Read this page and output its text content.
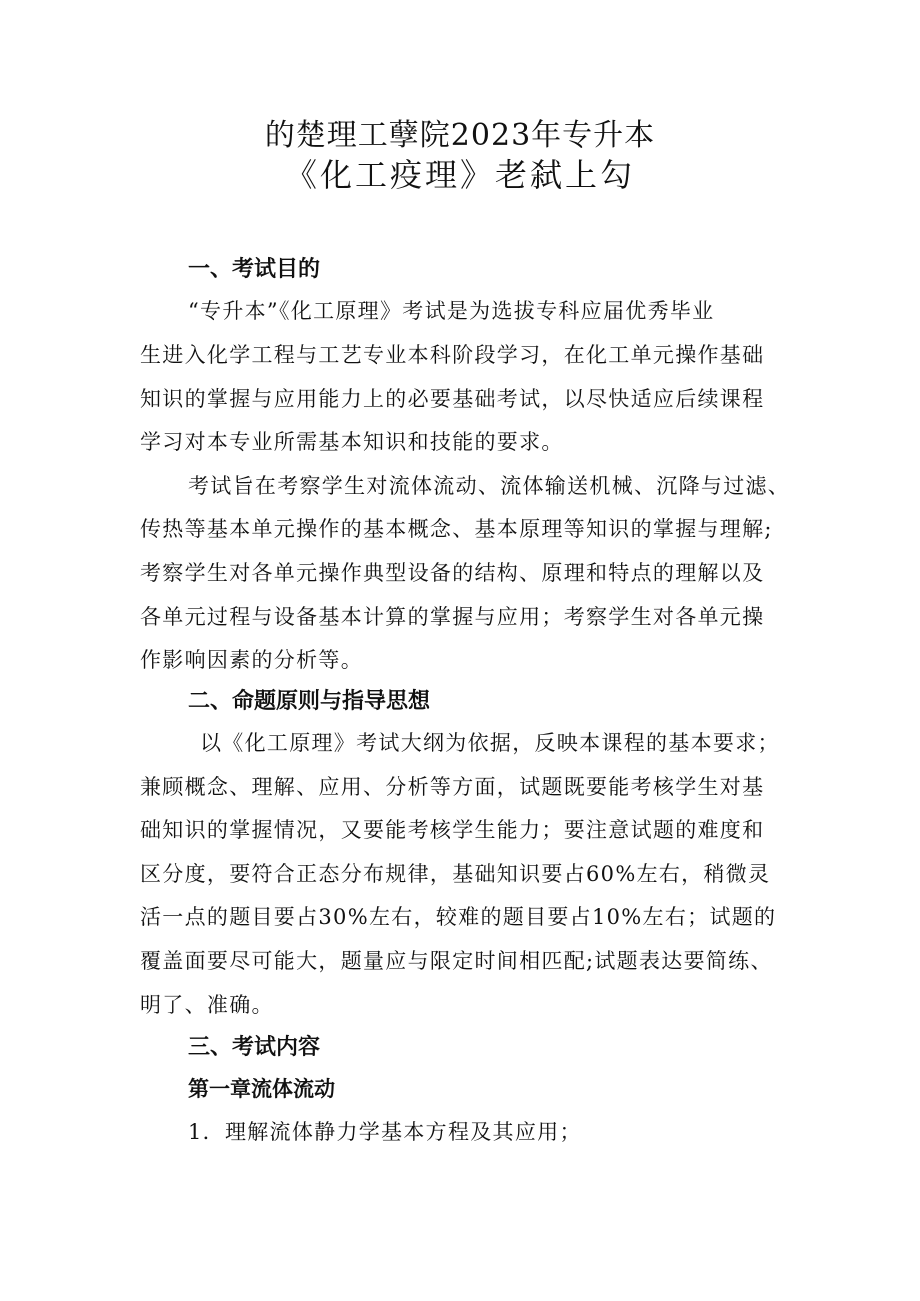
的楚理工孽院2023年专升本
《化工疫理》老弑上勾
一、考试目的
“专升本”《化工原理》考试是为选拔专科应届优秀毕业
生进入化学工程与工艺专业本科阶段学习，在化工单元操作基础
知识的掌握与应用能力上的必要基础考试，以尽快适应后续课程
学习对本专业所需基本知识和技能的要求。
考试旨在考察学生对流体流动、流体输送机械、沉降与过滤、
传热等基本单元操作的基本概念、基本原理等知识的掌握与理解;
考察学生对各单元操作典型设备的结构、原理和特点的理解以及
各单元过程与设备基本计算的掌握与应用；考察学生对各单元操
作影响因素的分析等。
二、命题原则与指导思想
以《化工原理》考试大纲为依据，反映本课程的基本要求；
兼顾概念、理解、应用、分析等方面，试题既要能考核学生对基
础知识的掌握情况，又要能考核学生能力；要注意试题的难度和
区分度，要符合正态分布规律，基础知识要占60%左右，稍微灵
活一点的题目要占30%左右，较难的题目要占10%左右；试题的
覆盖面要尽可能大，题量应与限定时间相匹配;试题表达要简练、
明了、准确。
三、考试内容
第一章流体流动
1．理解流体静力学基本方程及其应用；
